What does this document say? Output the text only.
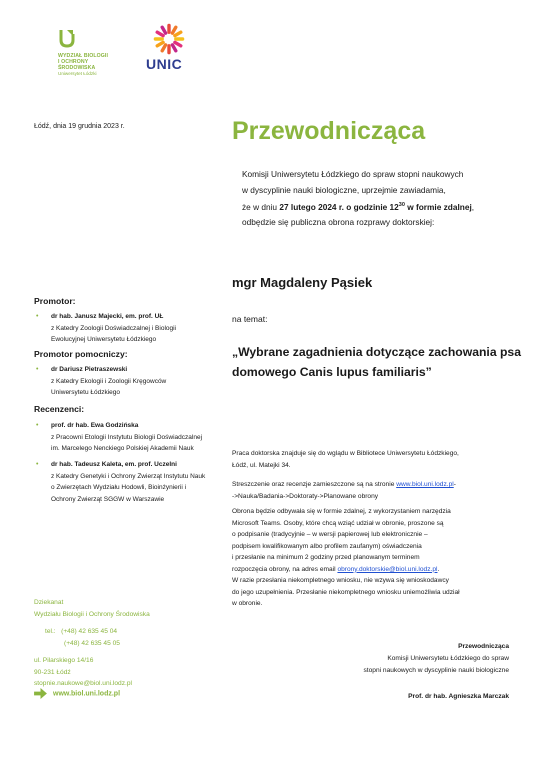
WYDZIAŁ BIOLOGII
I OCHRONY
ŚRODOWISKA
Uniwersytet Łódzki
UNIC
Łódź, dnia 19 grudnia 2023 r.	Przewodnicząca

Komisji Uniwersytetu Łódzkiego do spraw stopni naukowych

w dyscyplinie nauki biologiczne, uprzejmie zawiadamia,

że w dniu 27 lutego 2024 r. o godzinie $12^{30}$ w formie zdalnej,

odbędzie się publiczna obrona rozprawy doktorskiej:

mgr Magdaleny Pąsiek
na temat:
„Wybrane zagadnienia dotyczące zachowania psa domowego Canis lupus familiaris”
Promotor:
• dr hab. Janusz Majecki, em. prof. UŁ
z Katedry Zoologii Doświadczalnej i Biologii
Ewolucyjnej Uniwersytetu Łódzkiego
Promotor pomocniczy:
• dr Dariusz Pietraszewski
z Katedry Ekologii i Zoologii Kręgowców
Uniwersytetu Łódzkiego
Recenzenci:
• prof. dr hab. Ewa Godzińska
z Pracowni Etologii Instytutu Biologii Doświadczalnej
im. Marcelego Nenckiego Polskiej Akademii Nauk
• dr hab. Tadeusz Kaleta, em. prof. Uczelni
z Katedry Genetyki i Ochrony Zwierząt Instytutu Nauk
o Zwierzętach Wydziału Hodowli, Bioinżynierii i
Ochrony Zwierząt SGGW w Warszawie

Praca doktorska znajduje się do wglądu w Bibliotece Uniwersytetu Łódzkiego,

Łódź, ul. Matejki 34.

Streszczenie oraz recenzje zamieszczone są na stronie www.biol.uni.lodz.pl-

->Nauka/Badania->Doktoraty->Planowane obrony

Obrona będzie odbywała się w formie zdalnej, z wykorzystaniem narzędzia

Microsoft Teams. Osoby, które chcą wziąć udział w obronie, proszone są

o podpisanie (tradycyjnie – w wersji papierowej lub elektronicznie –

podpisem kwalifikowanym albo profilem zaufanym) oświadczenia

i przesłanie na minimum 2 godziny przed planowanym terminem

rozpoczęcia obrony, na adres email obrony.doktorskie@biol.uni.lodz.pl.

W razie przesłania niekompletnego wniosku, nie wzywa się wnioskodawcy

do jego uzupełnienia. Przesłanie niekompletnego wniosku uniemożliwia udział

w obronie.

Dziekanat
Wydziału Biologii i Ochrony Środowiska
tel.: (+48) 42 635 45 04
(+48) 42 635 45 05
ul. Pilarskiego 14/16
90-231 Łódź
stopnie.naukowe@biol.uni.lodz.pl
www.biol.uni.lodz.pl
Przewodnicząca
Komisji Uniwersytetu Łódzkiego do spraw
stopni naukowych w dyscyplinie nauki biologiczne
Prof. dr hab. Agnieszka Marczak
